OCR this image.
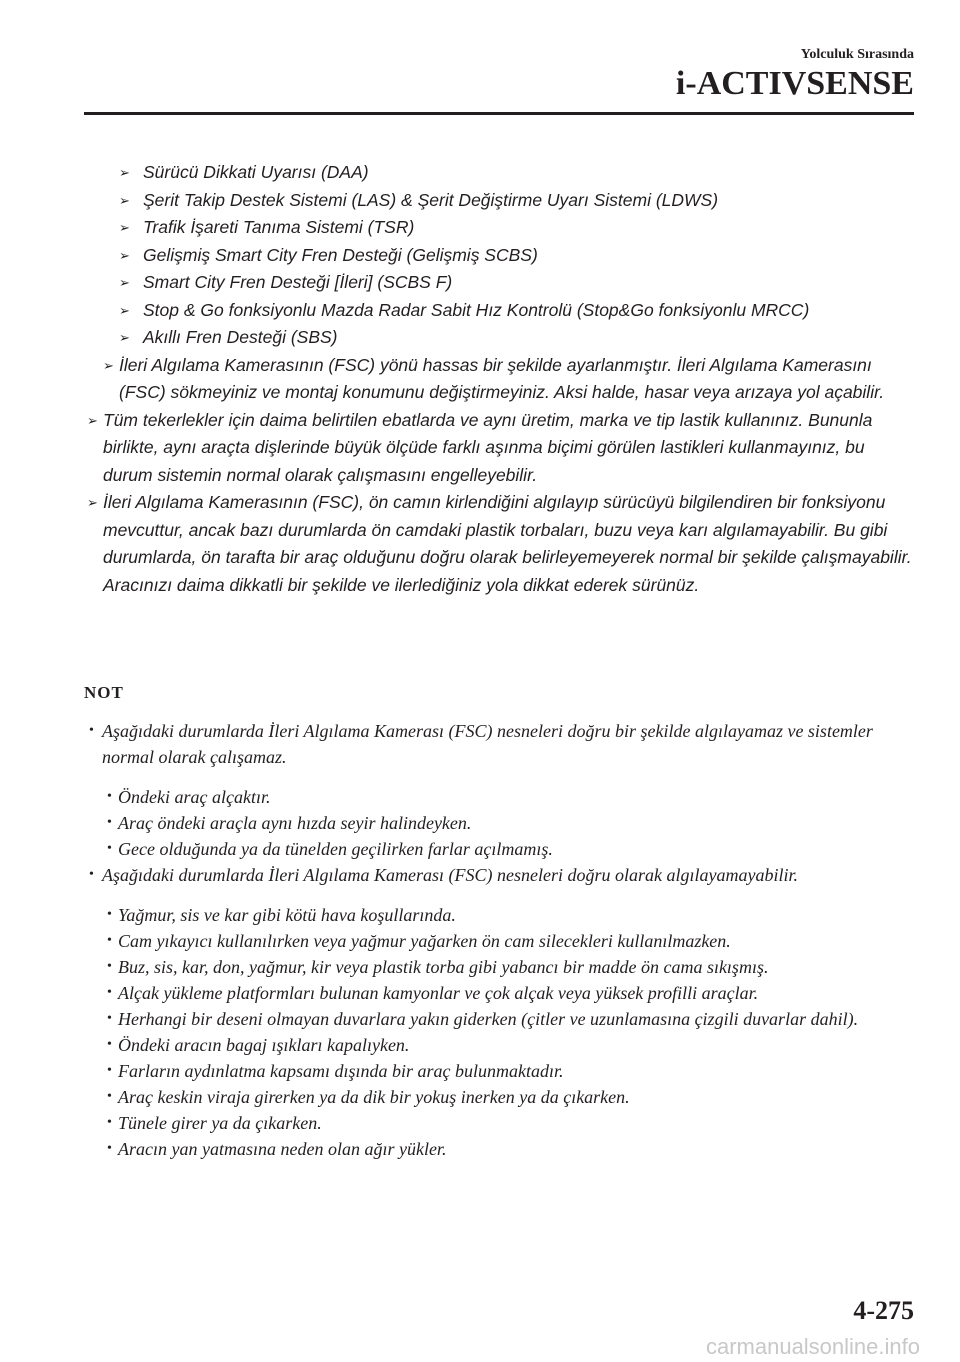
Yolculuk Sırasında
i-ACTIVSENSE
➢ Sürücü Dikkati Uyarısı (DAA)
➢ Şerit Takip Destek Sistemi (LAS) & Şerit Değiştirme Uyarı Sistemi (LDWS)
➢ Trafik İşareti Tanıma Sistemi (TSR)
➢ Gelişmiş Smart City Fren Desteği (Gelişmiş SCBS)
➢ Smart City Fren Desteği [İleri] (SCBS F)
➢ Stop & Go fonksiyonlu Mazda Radar Sabit Hız Kontrolü (Stop&Go fonksiyonlu MRCC)
➢ Akıllı Fren Desteği (SBS)
➢ İleri Algılama Kamerasının (FSC) yönü hassas bir şekilde ayarlanmıştır. İleri Algılama Kamerasını (FSC) sökmeyiniz ve montaj konumunu değiştirmeyiniz. Aksi halde, hasar veya arızaya yol açabilir.
➢ Tüm tekerlekler için daima belirtilen ebatlarda ve aynı üretim, marka ve tip lastik kullanınız. Bununla birlikte, aynı araçta dişlerinde büyük ölçüde farklı aşınma biçimi görülen lastikleri kullanmayınız, bu durum sistemin normal olarak çalışmasını engelleyebilir.
➢ İleri Algılama Kamerasının (FSC), ön camın kirlendiğini algılayıp sürücüyü bilgilendiren bir fonksiyonu mevcuttur, ancak bazı durumlarda ön camdaki plastik torbaları, buzu veya karı algılamayabilir. Bu gibi durumlarda, ön tarafta bir araç olduğunu doğru olarak belirleyemeyerek normal bir şekilde çalışmayabilir. Aracınızı daima dikkatli bir şekilde ve ilerlediğiniz yola dikkat ederek sürünüz.
NOT
• Aşağıdaki durumlarda İleri Algılama Kamerası (FSC) nesneleri doğru bir şekilde algılayamaz ve sistemler normal olarak çalışamaz.
• Öndeki araç alçaktır.
• Araç öndeki araçla aynı hızda seyir halindeyken.
• Gece olduğunda ya da tünelden geçilirken farlar açılmamış.
• Aşağıdaki durumlarda İleri Algılama Kamerası (FSC) nesneleri doğru olarak algılayamayabilir.
• Yağmur, sis ve kar gibi kötü hava koşullarında.
• Cam yıkayıcı kullanılırken veya yağmur yağarken ön cam silecekleri kullanılmazken.
• Buz, sis, kar, don, yağmur, kir veya plastik torba gibi yabancı bir madde ön cama sıkışmış.
• Alçak yükleme platformları bulunan kamyonlar ve çok alçak veya yüksek profilli araçlar.
• Herhangi bir deseni olmayan duvarlara yakın giderken (çitler ve uzunlamasına çizgili duvarlar dahil).
• Öndeki aracın bagaj ışıkları kapalıyken.
• Farların aydınlatma kapsamı dışında bir araç bulunmaktadır.
• Araç keskin viraja girerken ya da dik bir yokuş inerken ya da çıkarken.
• Tünele girer ya da çıkarken.
• Aracın yan yatmasına neden olan ağır yükler.
4-275
carmanualsonline.info
